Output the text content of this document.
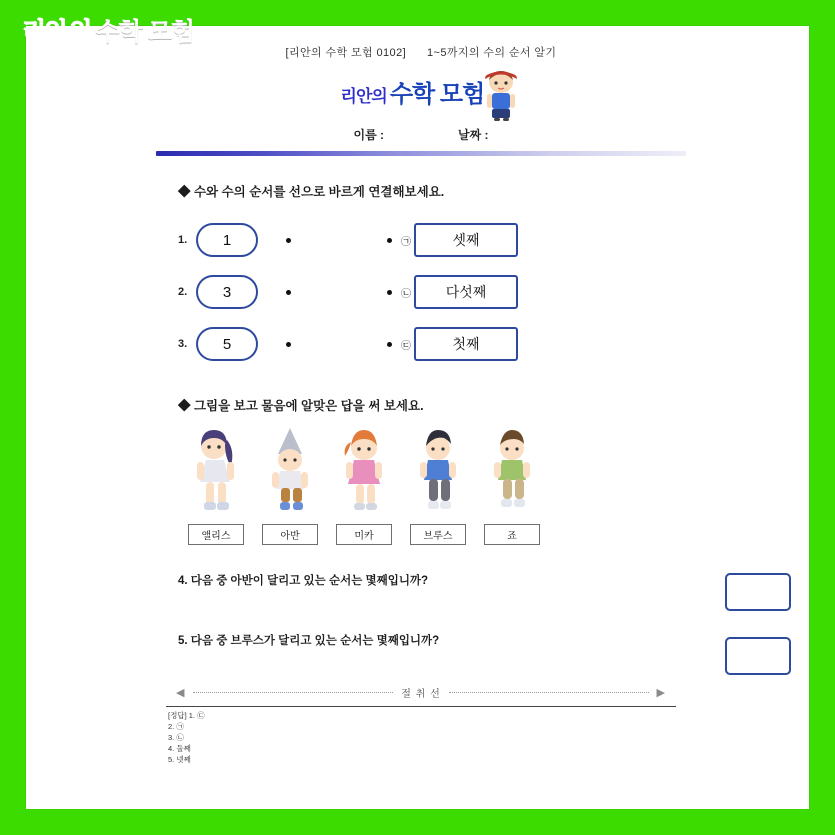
[리안의 수학 모험 0102] 1~5까지의 수의 순서 알기
리안의 수학 모험
이름 :	날짜 :
◆ 수와 수의 순서를 선으로 바르게 연결해보세요.
1.	1	㉠	셋째
2.	3	㉡	다섯째
3.	5	㉢	첫째
◆ 그림을 보고 물음에 알맞은 답을 써 보세요.
앨리스	아반	미카	브루스	죠
4. 다음 중 아반이 달리고 있는 순서는 몇째입니까?
5. 다음 중 브루스가 달리고 있는 순서는 몇째입니까?
◀	절 취 선	▶
[정답] 1. ㉢
2. ㉠
3. ㉡
4. 둘째
5. 넷째
리안의 수학 모험
